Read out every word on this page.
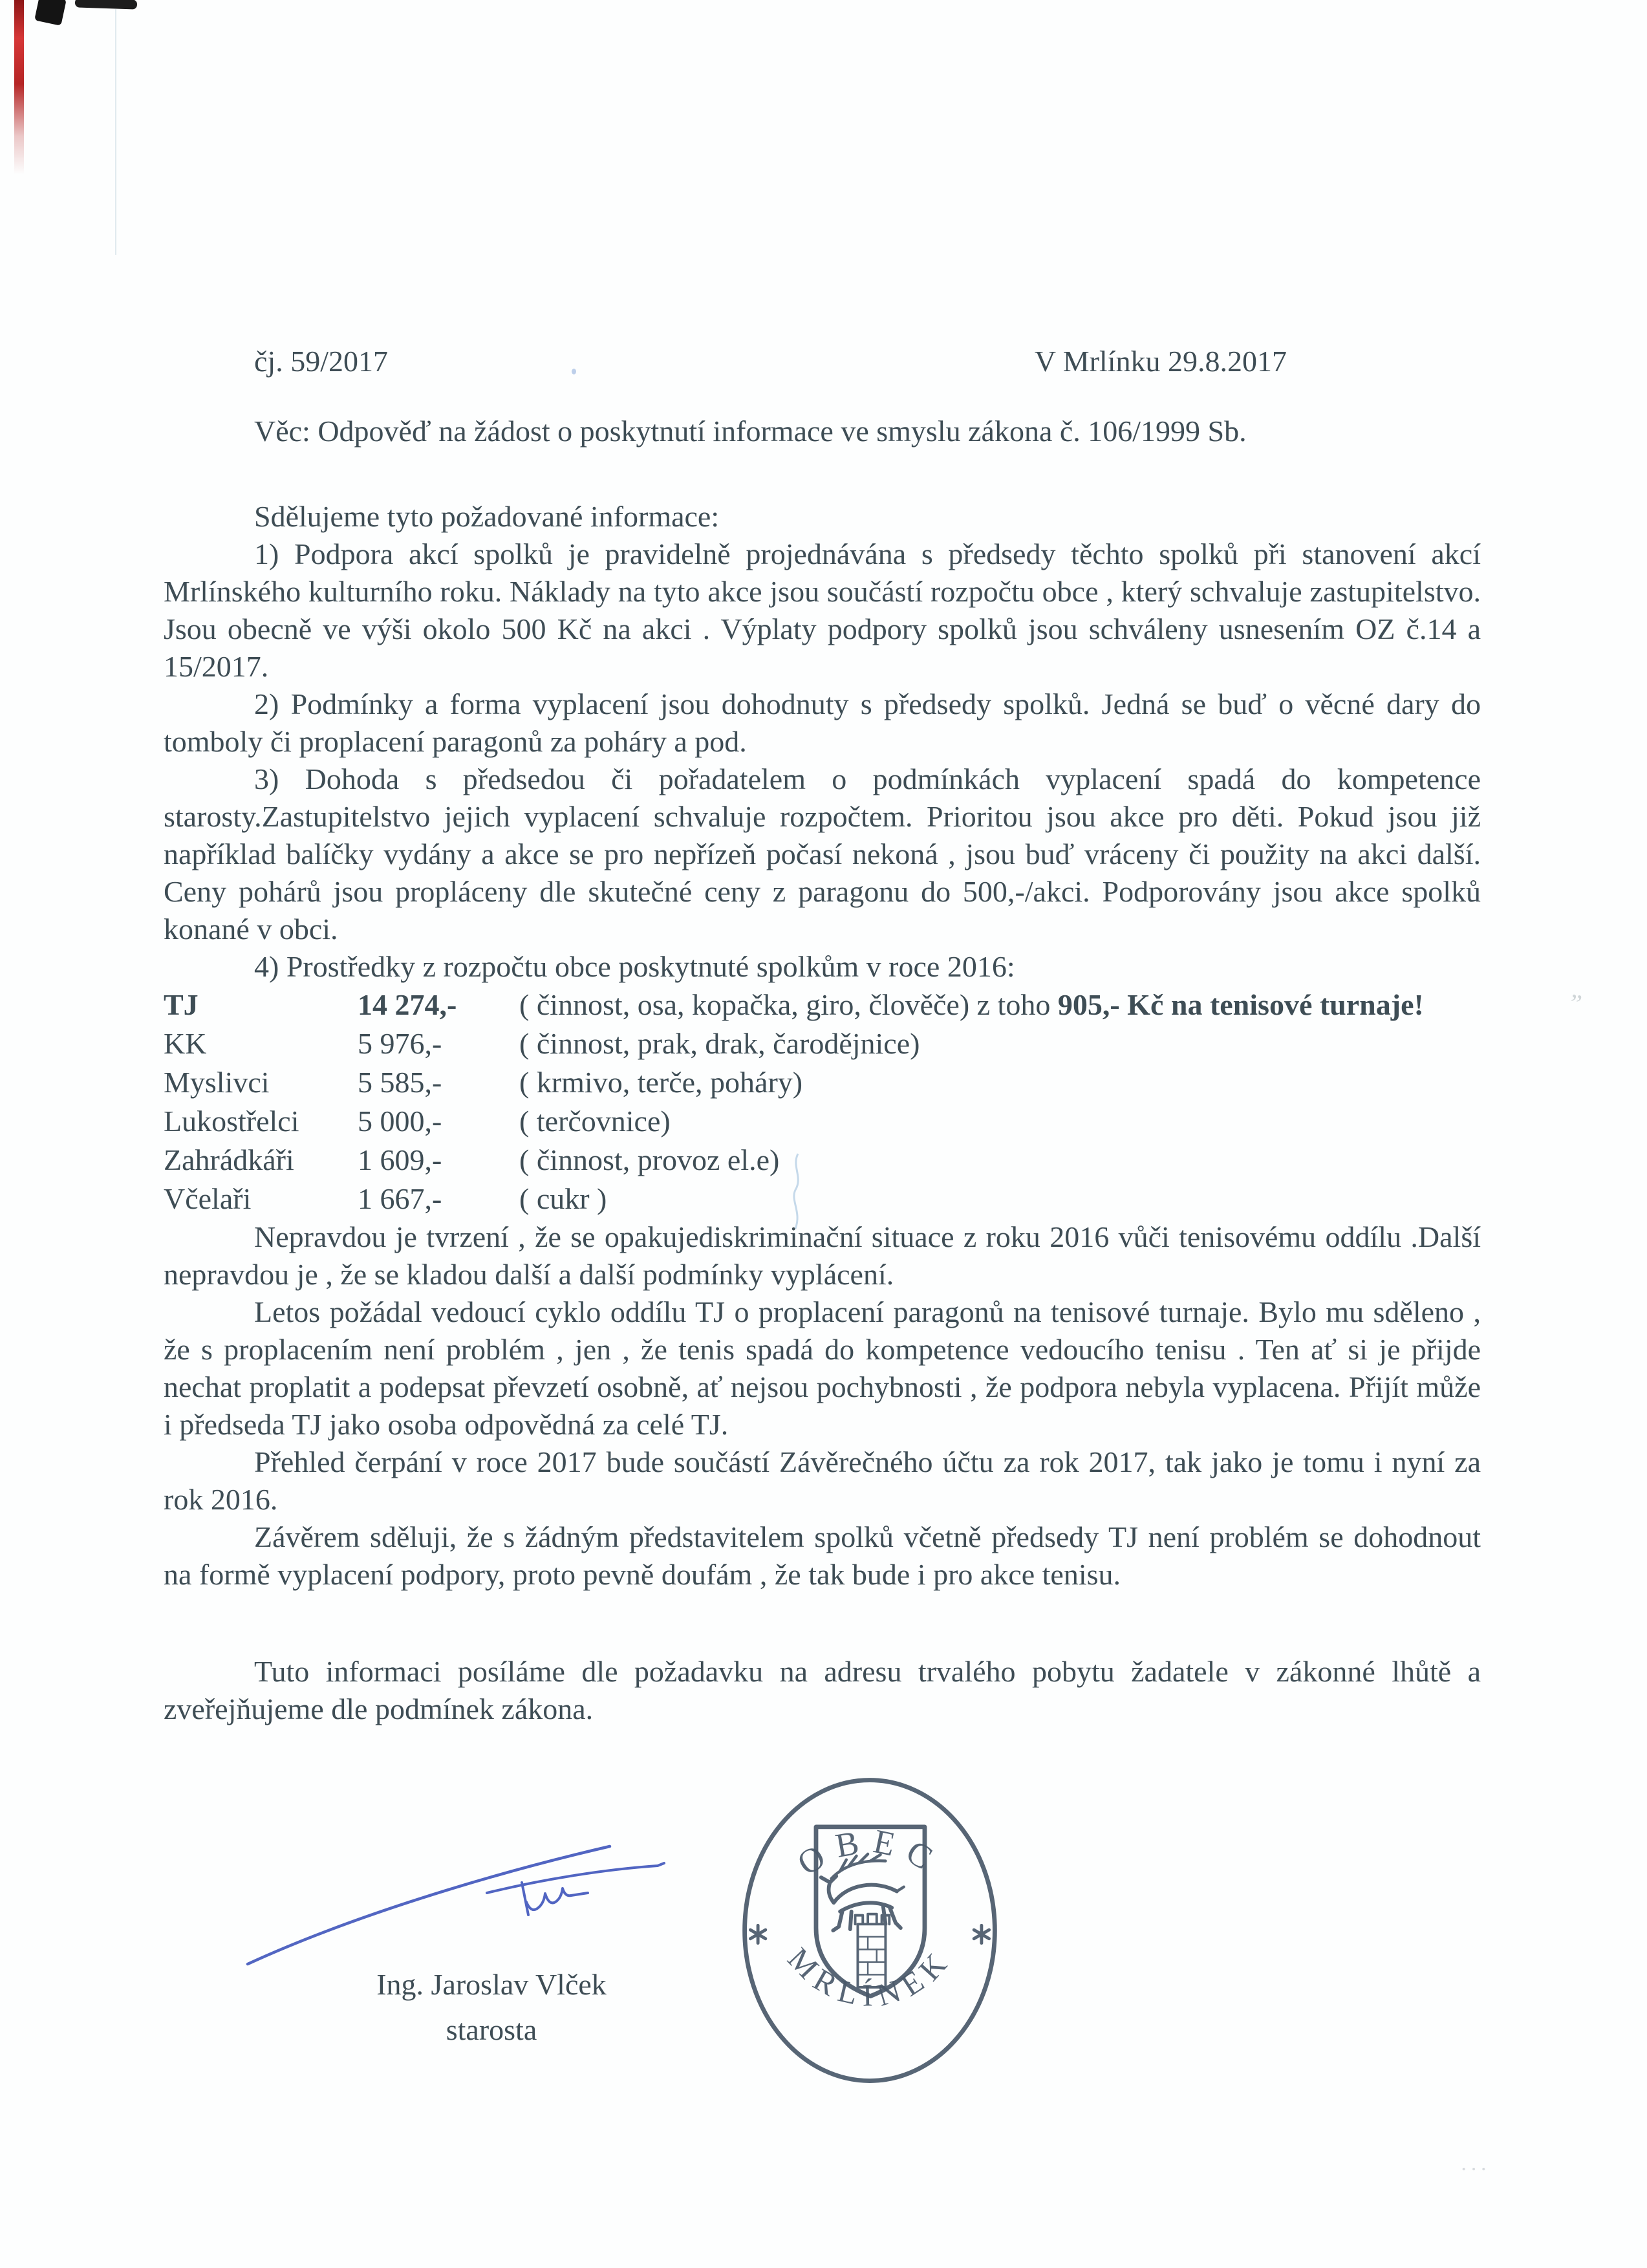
”
···
čj. 59/2017	V Mrlínku 29.8.2017
Věc: Odpověď na žádost o poskytnutí informace ve smyslu zákona č. 106/1999 Sb.
Sdělujeme tyto požadované informace:

1) Podpora akcí spolků je pravidelně projednávána s předsedy těchto spolků při stanovení akcí Mrlínského kulturního roku. Náklady na tyto akce jsou součástí rozpočtu obce , který schvaluje zastupitelstvo. Jsou obecně ve výši okolo 500 Kč na akci . Výplaty podpory spolků jsou schváleny usnesením OZ č.14 a 15/2017.

2) Podmínky a forma vyplacení jsou dohodnuty s předsedy spolků. Jedná se buď o věcné dary do tomboly či proplacení paragonů za poháry a pod.

3) Dohoda s předsedou či pořadatelem o podmínkách vyplacení spadá do kompetence starosty.Zastupitelstvo jejich vyplacení schvaluje rozpočtem. Prioritou jsou akce pro děti. Pokud jsou již například balíčky vydány a akce se pro nepřízeň počasí nekoná , jsou buď vráceny či použity na akci další. Ceny pohárů jsou propláceny dle skutečné ceny z paragonu do 500,-/akci. Podporovány jsou akce spolků konané v obci.

4) Prostředky z rozpočtu obce poskytnuté spolkům v roce 2016:

TJ	14 274,- ( činnost, osa, kopačka, giro, člověče) z toho 905,- Kč na tenisové turnaje!
KK	5 976,-	( činnost, prak, drak, čarodějnice)
Myslivci	5 585,-	( krmivo, terče, poháry)
Lukostřelci 5 000,-	( terčovnice)
Zahrádkáři 1 609,-	( činnost, provoz el.e)
Včelaři	1 667,-	( cukr )

Nepravdou je tvrzení , že se opakujediskriminační situace z roku 2016 vůči tenisovému oddílu .Další nepravdou je , že se kladou další a další podmínky vyplácení.

Letos požádal vedoucí cyklo oddílu TJ o proplacení paragonů na tenisové turnaje. Bylo mu sděleno , že s proplacením není problém , jen , že tenis spadá do kompetence vedoucího tenisu . Ten ať si je přijde nechat proplatit a podepsat převzetí osobně, ať nejsou pochybnosti , že podpora nebyla vyplacena. Přijít může i předseda TJ jako osoba odpovědná za celé TJ.

Přehled čerpání v roce 2017 bude součástí Závěrečného účtu za rok 2017, tak jako je tomu i nyní za rok 2016.

Závěrem sděluji, že s žádným představitelem spolků včetně předsedy TJ není problém se dohodnout na formě vyplacení podpory, proto pevně doufám , že tak bude i pro akce tenisu.

Tuto informaci posíláme dle požadavku na adresu trvalého pobytu žadatele v zákonné lhůtě a zveřejňujeme dle podmínek zákona.

Ing. Jaroslav Vlček
starosta
OBEC
MRLÍNEK
